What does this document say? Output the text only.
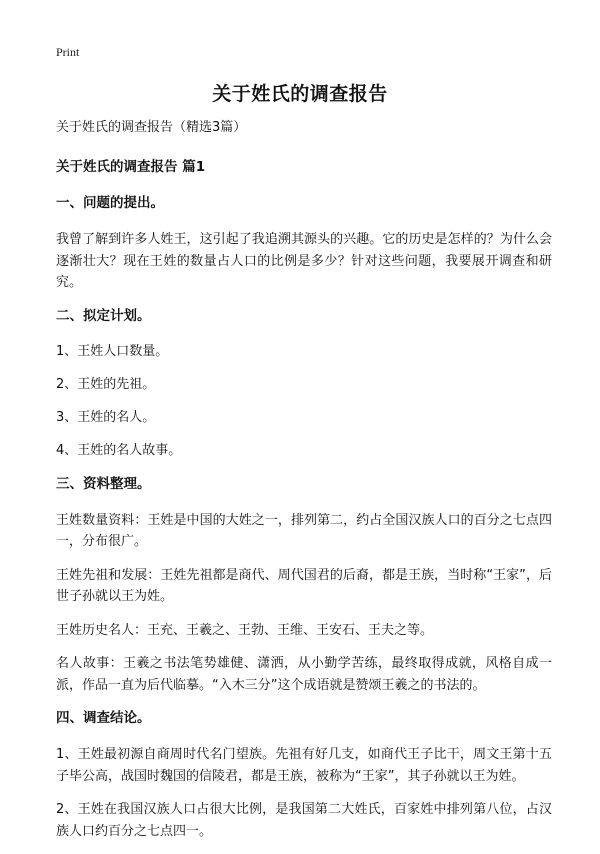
Print
关于姓氏的调查报告
关于姓氏的调查报告（精选3篇）
关于姓氏的调查报告 篇1
一、问题的提出。
我曾了解到许多人姓王，这引起了我追溯其源头的兴趣。它的历史是怎样的？为什么会逐渐壮大？现在王姓的数量占人口的比例是多少？针对这些问题，我要展开调查和研究。
二、拟定计划。
1、王姓人口数量。
2、王姓的先祖。
3、王姓的名人。
4、王姓的名人故事。
三、资料整理。
王姓数量资料：王姓是中国的大姓之一，排列第二，约占全国汉族人口的百分之七点四一，分布很广。
王姓先祖和发展：王姓先祖都是商代、周代国君的后裔，都是王族，当时称“王家”，后世子孙就以王为姓。
王姓历史名人：王充、王羲之、王勃、王维、王安石、王夫之等。
名人故事：王羲之书法笔势雄健、潇洒，从小勤学苦练，最终取得成就，风格自成一派，作品一直为后代临摹。“入木三分”这个成语就是赞颂王羲之的书法的。
四、调查结论。
1、王姓最初源自商周时代名门望族。先祖有好几支，如商代王子比干，周文王第十五子毕公高，战国时魏国的信陵君，都是王族，被称为“王家”，其子孙就以王为姓。
2、王姓在我国汉族人口占很大比例，是我国第二大姓氏，百家姓中排列第八位，占汉族人口约百分之七点四一。
